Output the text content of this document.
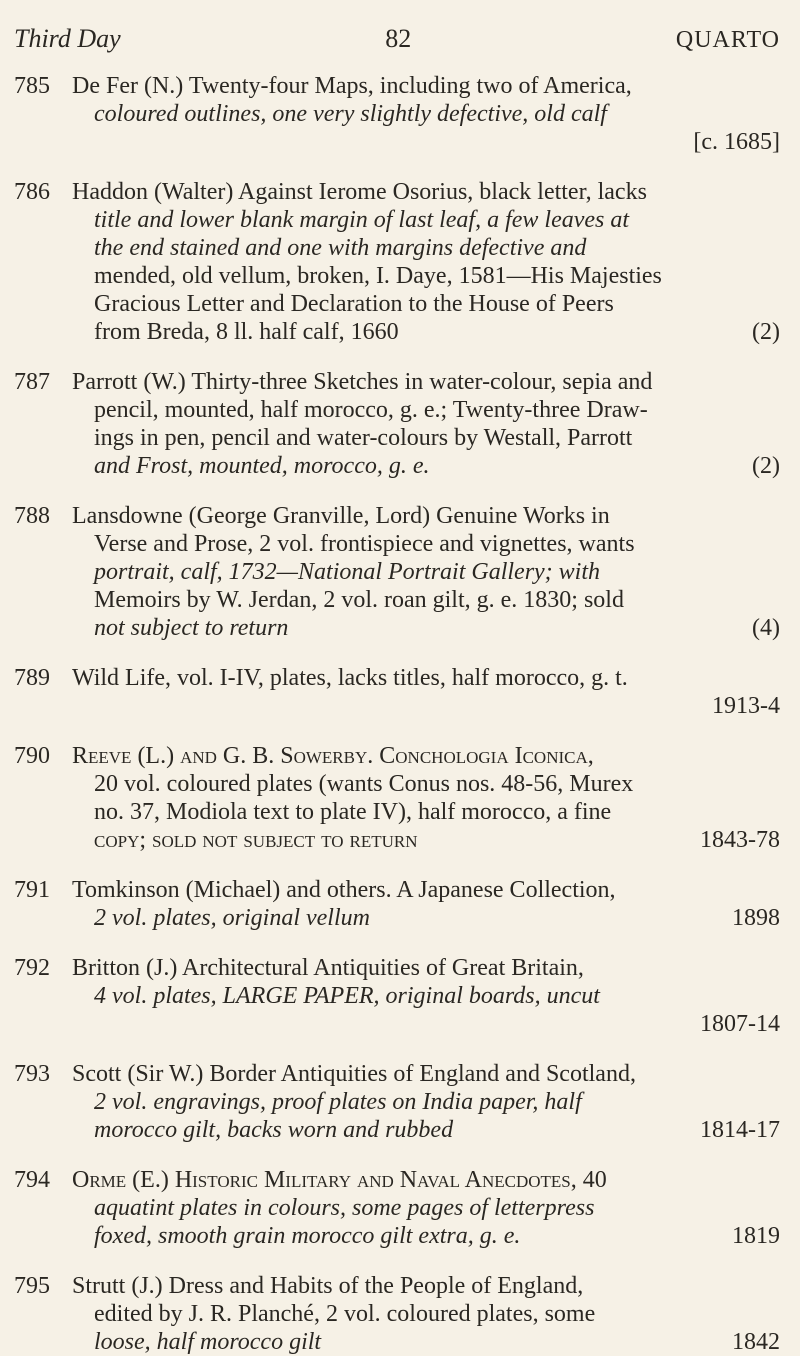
Third Day	82	QUARTO
785 De Fer (N.) Twenty-four Maps, including two of America,
coloured outlines, one very slightly defective, old calf
[c. 1685]
786 Haddon (Walter) Against Ierome Osorius, black letter, lacks
title and lower blank margin of last leaf, a few leaves at
the end stained and one with margins defective and
mended, old vellum, broken, I. Daye, 1581—His Majesties
Gracious Letter and Declaration to the House of Peers
from Breda, 8 ll. half calf, 1660	(2)
787 Parrott (W.) Thirty-three Sketches in water-colour, sepia and
pencil, mounted, half morocco, g. e.; Twenty-three Draw-
ings in pen, pencil and water-colours by Westall, Parrott
and Frost, mounted, morocco, g. e.	(2)
788 Lansdowne (George Granville, Lord) Genuine Works in
Verse and Prose, 2 vol. frontispiece and vignettes, wants
portrait, calf, 1732—National Portrait Gallery; with
Memoirs by W. Jerdan, 2 vol. roan gilt, g. e. 1830; sold
not subject to return	(4)
789 Wild Life, vol. I-IV, plates, lacks titles, half morocco, g. t.
1913-4
790 Reeve (L.) and G. B. Sowerby. Conchologia Iconica,
20 vol. coloured plates (wants Conus nos. 48-56, Murex
no. 37, Modiola text to plate IV), half morocco, a fine
copy; sold not subject to return	1843-78
791 Tomkinson (Michael) and others. A Japanese Collection,
2 vol. plates, original vellum	1898
792 Britton (J.) Architectural Antiquities of Great Britain,
4 vol. plates, LARGE PAPER, original boards, uncut
1807-14
793 Scott (Sir W.) Border Antiquities of England and Scotland,
2 vol. engravings, proof plates on India paper, half
morocco gilt, backs worn and rubbed	1814-17
794 Orme (E.) Historic Military and Naval Anecdotes, 40
aquatint plates in colours, some pages of letterpress
foxed, smooth grain morocco gilt extra, g. e.	1819
795 Strutt (J.) Dress and Habits of the People of England,
edited by J. R. Planché, 2 vol. coloured plates, some
loose, half morocco gilt	1842
